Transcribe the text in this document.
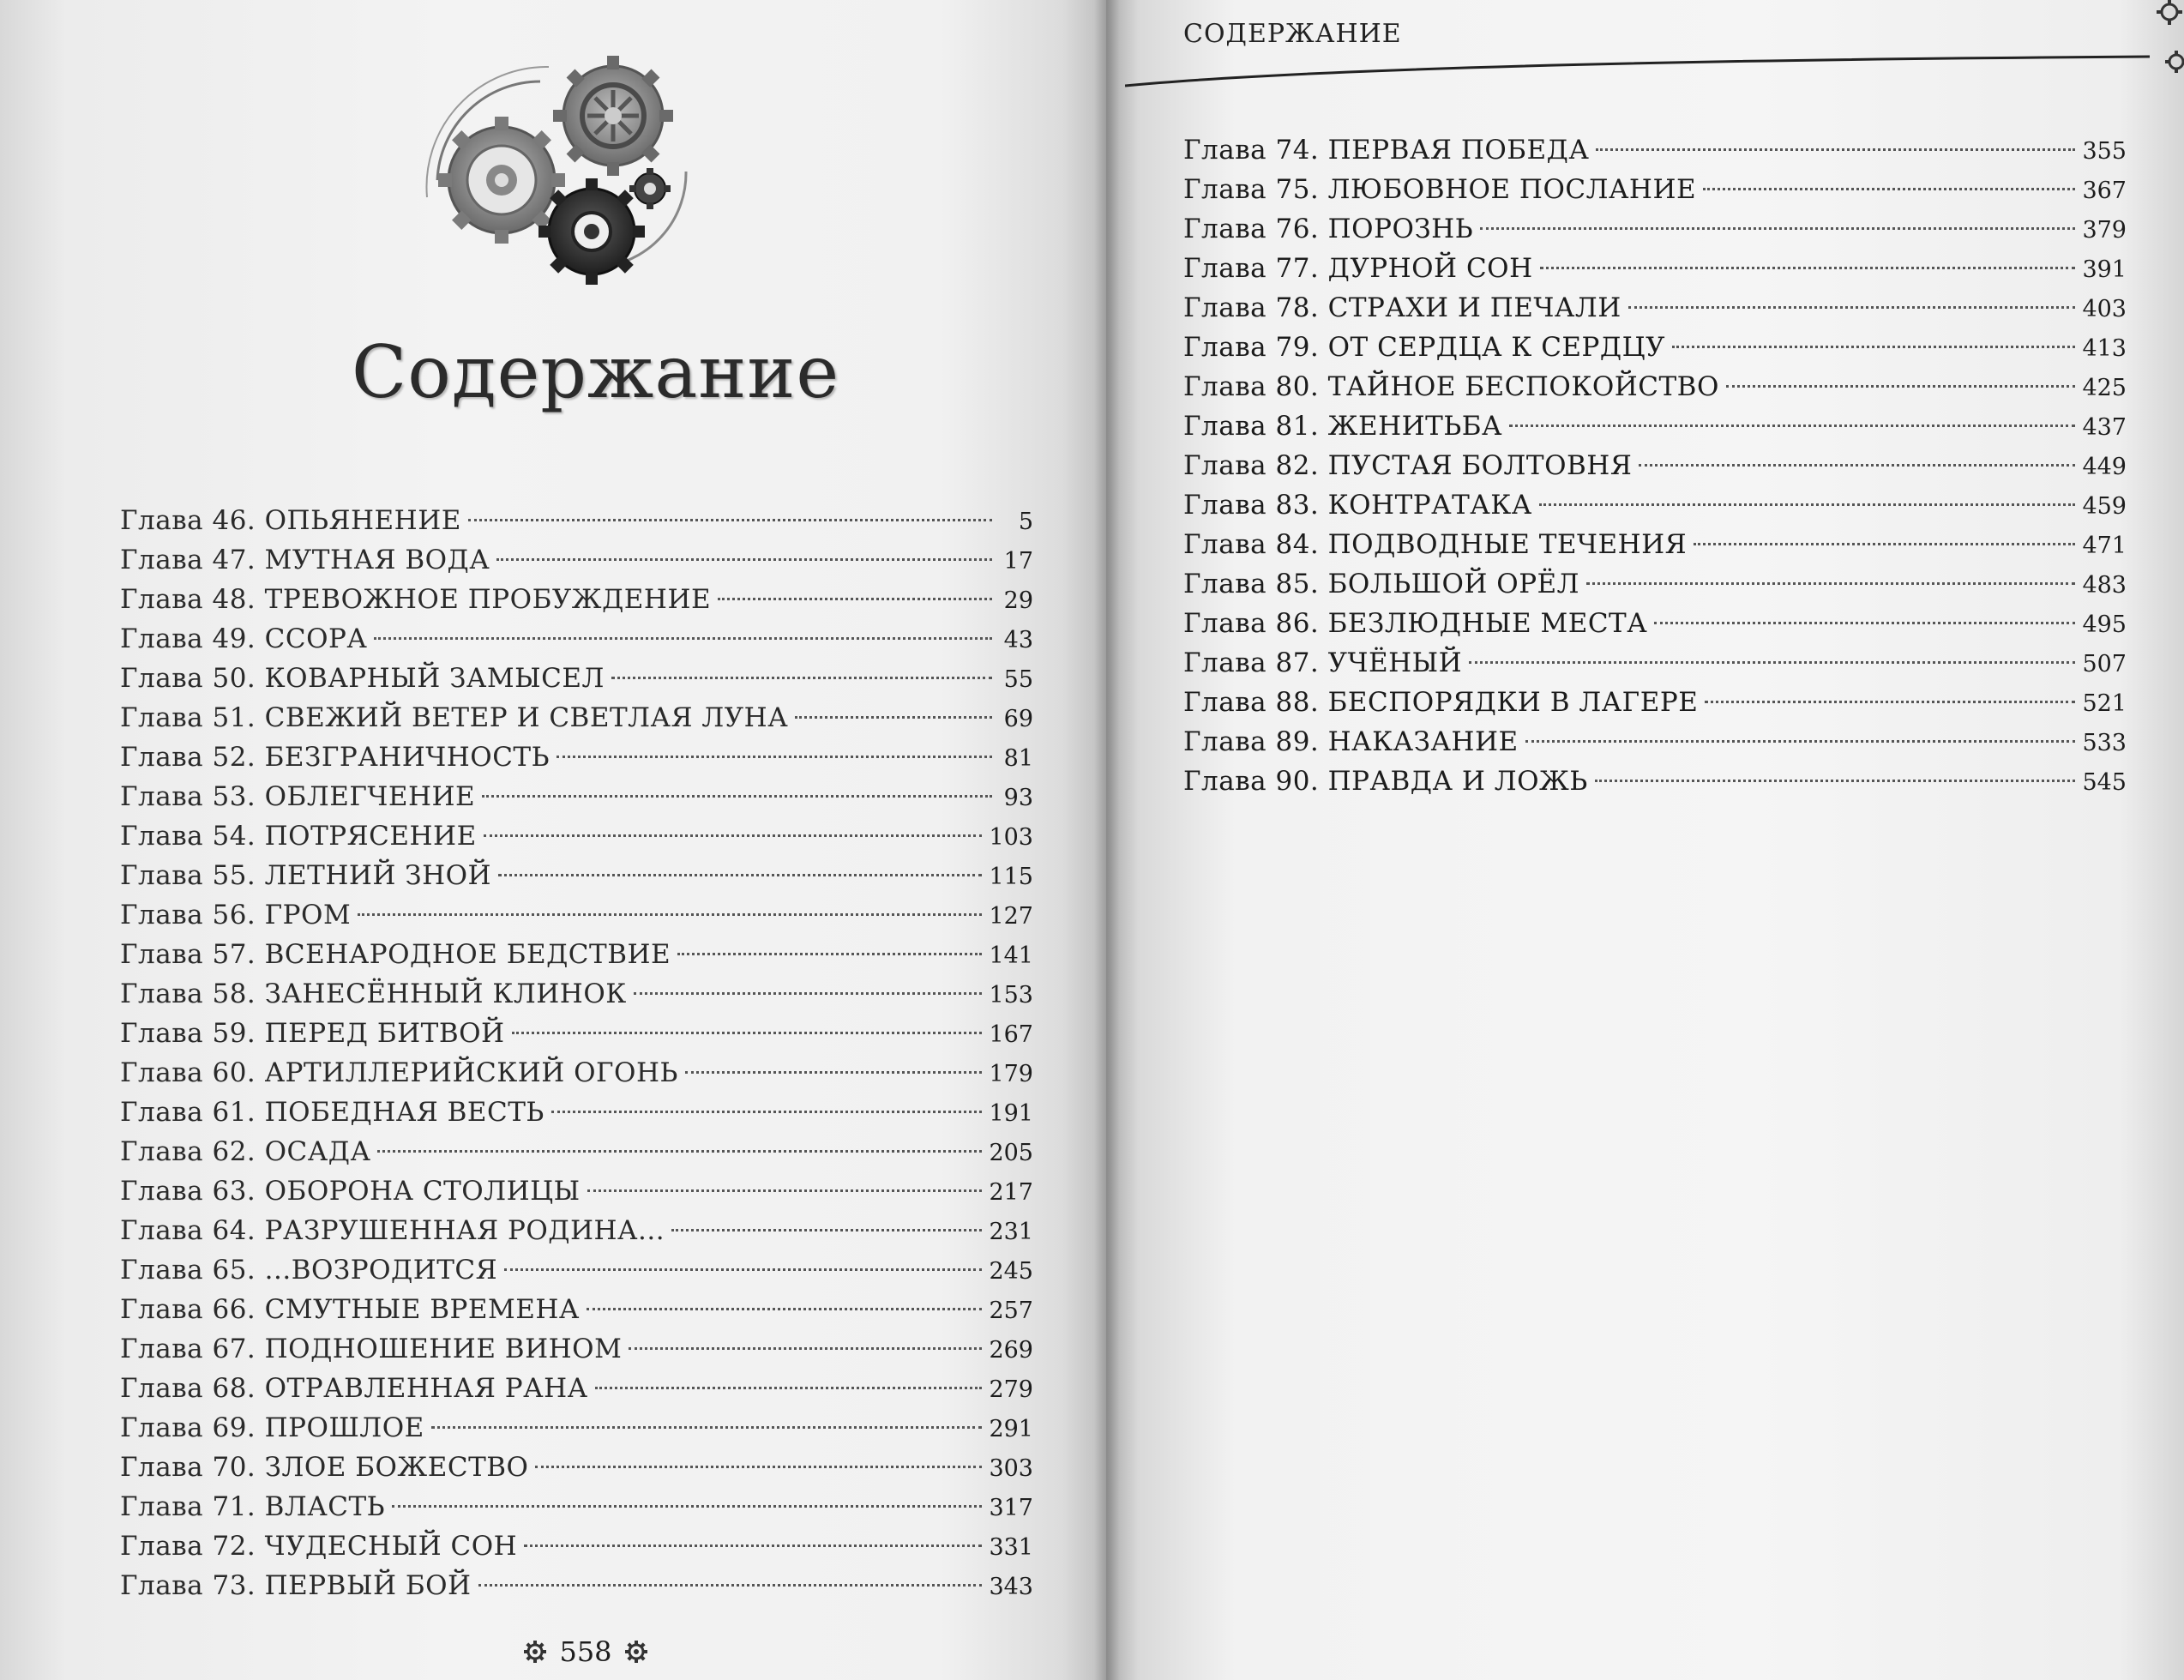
Содержание
Глава 46. ОПЬЯНЕНИЕ	5
Глава 47. МУТНАЯ ВОДА	17
Глава 48. ТРЕВОЖНОЕ ПРОБУЖДЕНИЕ	29
Глава 49. ССОРА	43
Глава 50. КОВАРНЫЙ ЗАМЫСЕЛ	55
Глава 51. СВЕЖИЙ ВЕТЕР И СВЕТЛАЯ ЛУНА	69
Глава 52. БЕЗГРАНИЧНОСТЬ	81
Глава 53. ОБЛЕГЧЕНИЕ	93
Глава 54. ПОТРЯСЕНИЕ	103
Глава 55. ЛЕТНИЙ ЗНОЙ	115
Глава 56. ГРОМ	127
Глава 57. ВСЕНАРОДНОЕ БЕДСТВИЕ	141
Глава 58. ЗАНЕСЁННЫЙ КЛИНОК	153
Глава 59. ПЕРЕД БИТВОЙ	167
Глава 60. АРТИЛЛЕРИЙСКИЙ ОГОНЬ	179
Глава 61. ПОБЕДНАЯ ВЕСТЬ	191
Глава 62. ОСАДА	205
Глава 63. ОБОРОНА СТОЛИЦЫ	217
Глава 64. РАЗРУШЕННАЯ РОДИНА...	231
Глава 65. ...ВОЗРОДИТСЯ	245
Глава 66. СМУТНЫЕ ВРЕМЕНА	257
Глава 67. ПОДНОШЕНИЕ ВИНОМ	269
Глава 68. ОТРАВЛЕННАЯ РАНА	279
Глава 69. ПРОШЛОЕ	291
Глава 70. ЗЛОЕ БОЖЕСТВО	303
Глава 71. ВЛАСТЬ	317
Глава 72. ЧУДЕСНЫЙ СОН	331
Глава 73. ПЕРВЫЙ БОЙ	343
558
СОДЕРЖАНИЕ
Глава 74. ПЕРВАЯ ПОБЕДА	355
Глава 75. ЛЮБОВНОЕ ПОСЛАНИЕ	367
Глава 76. ПОРОЗНЬ	379
Глава 77. ДУРНОЙ СОН	391
Глава 78. СТРАХИ И ПЕЧАЛИ	403
Глава 79. ОТ СЕРДЦА К СЕРДЦУ	413
Глава 80. ТАЙНОЕ БЕСПОКОЙСТВО	425
Глава 81. ЖЕНИТЬБА	437
Глава 82. ПУСТАЯ БОЛТОВНЯ	449
Глава 83. КОНТРАТАКА	459
Глава 84. ПОДВОДНЫЕ ТЕЧЕНИЯ	471
Глава 85. БОЛЬШОЙ ОРЁЛ	483
Глава 86. БЕЗЛЮДНЫЕ МЕСТА	495
Глава 87. УЧЁНЫЙ	507
Глава 88. БЕСПОРЯДКИ В ЛАГЕРЕ	521
Глава 89. НАКАЗАНИЕ	533
Глава 90. ПРАВДА И ЛОЖЬ	545
